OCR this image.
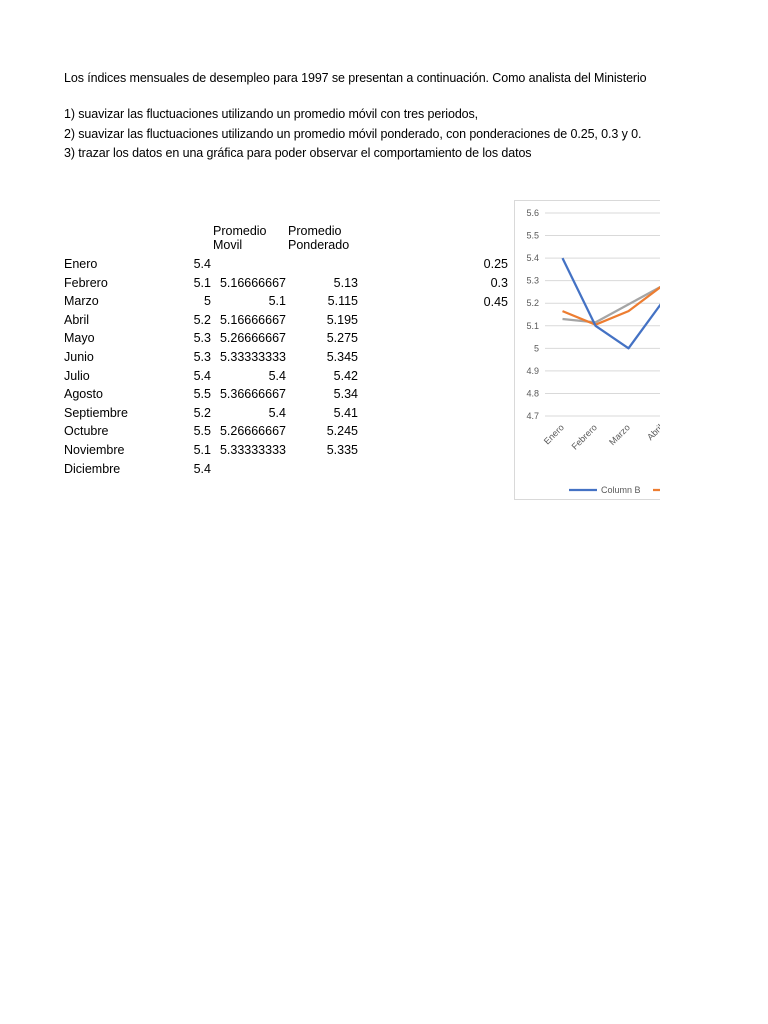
Los índices mensuales de desempleo para 1997 se presentan a continuación. Como analista del Ministerio
1) suavizar las fluctuaciones utilizando un promedio móvil con tres periodos,
2) suavizar las fluctuaciones utilizando un promedio móvil ponderado, con ponderaciones de 0.25, 0.3 y 0.
3) trazar los datos en una gráfica para poder observar el comportamiento de los datos
Promedio
Movil
Promedio
Ponderado
Enero	5.4
Febrero	5.1 5.16666667	5.13
Marzo	5	5.1	5.115
Abril	5.2 5.16666667	5.195
Mayo	5.3 5.26666667	5.275
Junio	5.3 5.33333333	5.345
Julio	5.4	5.4	5.42
Agosto	5.5 5.36666667	5.34
Septiembre	5.2	5.4	5.41
Octubre	5.5 5.26666667	5.245
Noviembre	5.1 5.33333333	5.335
Diciembre	5.4
0.25
0.3
0.45
5.6
5.5
5.4
5.3
5.2
5.1
5
4.9
4.8
4.7
Enero Febrero Marzo Abril
Column B
